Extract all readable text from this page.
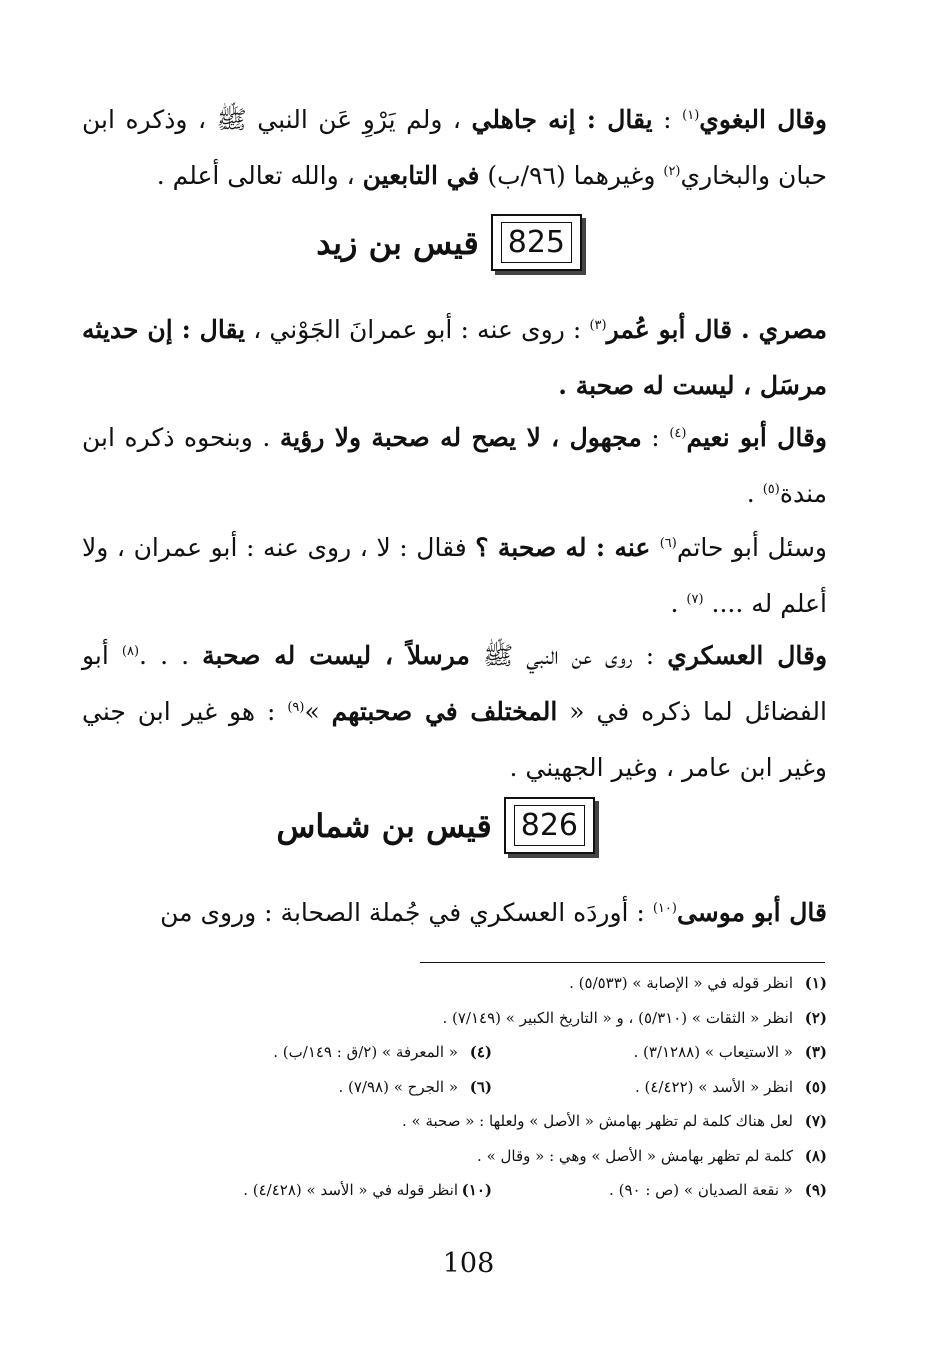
وقال البغوي$^{(١)}$ : يقال : إنه جاهلي ، ولم يَرْوِ عَن النبي ﷺ ، وذكره ابن حبان والبخاري$^{(٢)}$ وغيرهما (٩٦/ب) في التابعين ، والله تعالى أعلم .

825
قيس بن زيد

مصري . قال أبو عُمر$^{(٣)}$ : روى عنه : أبو عمرانَ الجَوْني ، يقال : إن حديثه مرسَل ، ليست له صحبة .

وقال أبو نعيم$^{(٤)}$ : مجهول ، لا يصح له صحبة ولا رؤية . وبنحوه ذكره ابن مندة$^{(٥)}$ .

وسئل أبو حاتم$^{(٦)}$ عنه : له صحبة ؟ فقال : لا ، روى عنه : أبو عمران ، ولا أعلم له .... $^{(٧)}$ .

وقال العسكري : روى عن النبي ﷺ مرسلاً ، ليست له صحبة . . .$^{(٨)}$ أبو الفضائل لما ذكره في « المختلف في صحبتهم »$^{(٩)}$ : هو غير ابن جني وغير ابن عامر ، وغير الجهيني .

826
قيس بن شماس

قال أبو موسى$^{(١٠)}$ : أوردَه العسكري في جُملة الصحابة : وروى من

(١)انظر قوله في « الإصابة » (٥/٥٣٣) .
(٢)انظر « الثقات » (٥/٣١٠) ، و « التاريخ الكبير » (٧/١٤٩) .
(٣)« الاستيعاب » (٣/١٢٨٨) .
(٤)« المعرفة » (٢/ق : ١٤٩/ب) .
(٥)انظر « الأسد » (٤/٤٢٢) .
(٦)« الجرح » (٧/٩٨) .
(٧)لعل هناك كلمة لم تظهر بهامش « الأصل » ولعلها : « صحبة » .
(٨)كلمة لم تظهر بهامش « الأصل » وهي : « وقال » .
(٩)« نقعة الصديان » (ص : ٩٠) .
(١٠)انظر قوله في « الأسد » (٤/٤٢٨) .
108
